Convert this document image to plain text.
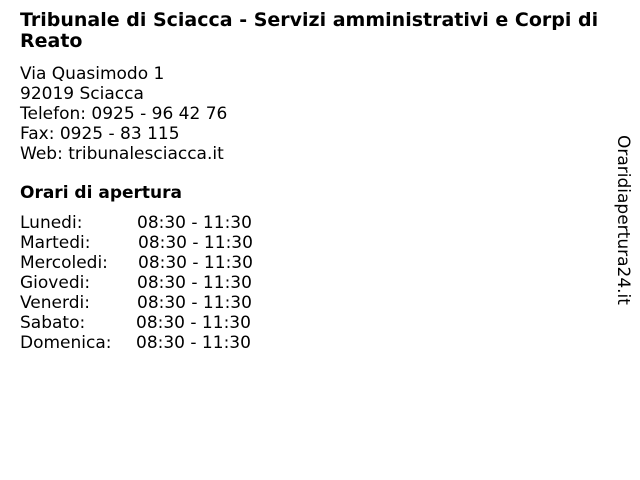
Tribunale di Sciacca - Servizi amministrativi e Corpi di Reato
Via Quasimodo 1
92019 Sciacca
Telefon: 0925 - 96 42 76
Fax: 0925 - 83 115
Web: tribunalesciacca.it
Orari di apertura
Lunedi:	08:30 - 11:30
Martedi:	08:30 - 11:30
Mercoledi: 08:30 - 11:30
Giovedi:	08:30 - 11:30
Venerdi:	08:30 - 11:30
Sabato:	08:30 - 11:30
Domenica: 08:30 - 11:30
Oraridiapertura24.it
